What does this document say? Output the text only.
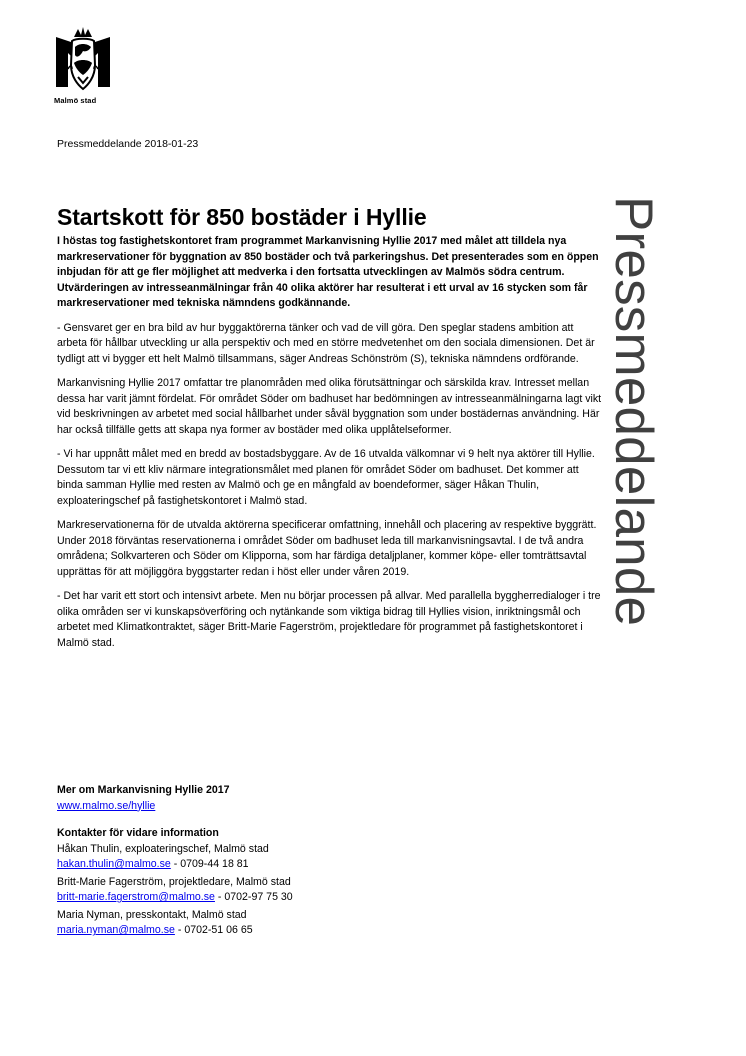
Malmö stad
Pressmeddelande 2018-01-23
Pressmeddelande
Startskott för 850 bostäder i Hyllie

I höstas tog fastighetskontoret fram programmet Markanvisning Hyllie 2017 med målet att tilldela nya markreservationer för byggnation av 850 bostäder och två parkeringshus. Det presenterades som en öppen inbjudan för att ge fler möjlighet att medverka i den fortsatta utvecklingen av Malmös södra centrum. Utvärderingen av intresseanmälningar från 40 olika aktörer har resulterat i ett urval av 16 stycken som får markreservationer med tekniska nämndens godkännande.

- Gensvaret ger en bra bild av hur byggaktörerna tänker och vad de vill göra. Den speglar stadens ambition att arbeta för hållbar utveckling ur alla perspektiv och med en större medvetenhet om den sociala dimensionen. Det är tydligt att vi bygger ett helt Malmö tillsammans, säger Andreas Schönström (S), tekniska nämndens ordförande.

Markanvisning Hyllie 2017 omfattar tre planområden med olika förutsättningar och särskilda krav. Intresset mellan dessa har varit jämnt fördelat. För området Söder om badhuset har bedömningen av intresseanmälningarna lagt vikt vid beskrivningen av arbetet med social hållbarhet under såväl byggnation som under bostädernas användning. Här har också tillfälle getts att skapa nya former av bostäder med olika upplåtelseformer.

- Vi har uppnått målet med en bredd av bostadsbyggare. Av de 16 utvalda välkomnar vi 9 helt nya aktörer till Hyllie. Dessutom tar vi ett kliv närmare integrationsmålet med planen för området Söder om badhuset. Det kommer att binda samman Hyllie med resten av Malmö och ge en mångfald av boendeformer, säger Håkan Thulin, exploateringschef på fastighetskontoret i Malmö stad.

Markreservationerna för de utvalda aktörerna specificerar omfattning, innehåll och placering av respektive byggrätt. Under 2018 förväntas reservationerna i området Söder om badhuset leda till markanvisningsavtal. I de två andra områdena; Solkvarteren och Söder om Klipporna, som har färdiga detaljplaner, kommer köpe- eller tomträttsavtal upprättas för att möjliggöra byggstarter redan i höst eller under våren 2019.

- Det har varit ett stort och intensivt arbete. Men nu börjar processen på allvar. Med parallella byggherredialoger i tre olika områden ser vi kunskapsöverföring och nytänkande som viktiga bidrag till Hyllies vision, inriktningsmål och arbetet med Klimatkontraktet, säger Britt-Marie Fagerström, projektledare för programmet på fastighetskontoret i Malmö stad.

Mer om Markanvisning Hyllie 2017
www.malmo.se/hyllie
Kontakter för vidare information
Håkan Thulin, exploateringschef, Malmö stad
hakan.thulin@malmo.se - 0709-44 18 81
Britt-Marie Fagerström, projektledare, Malmö stad
britt-marie.fagerstrom@malmo.se - 0702-97 75 30
Maria Nyman, presskontakt, Malmö stad
maria.nyman@malmo.se - 0702-51 06 65
